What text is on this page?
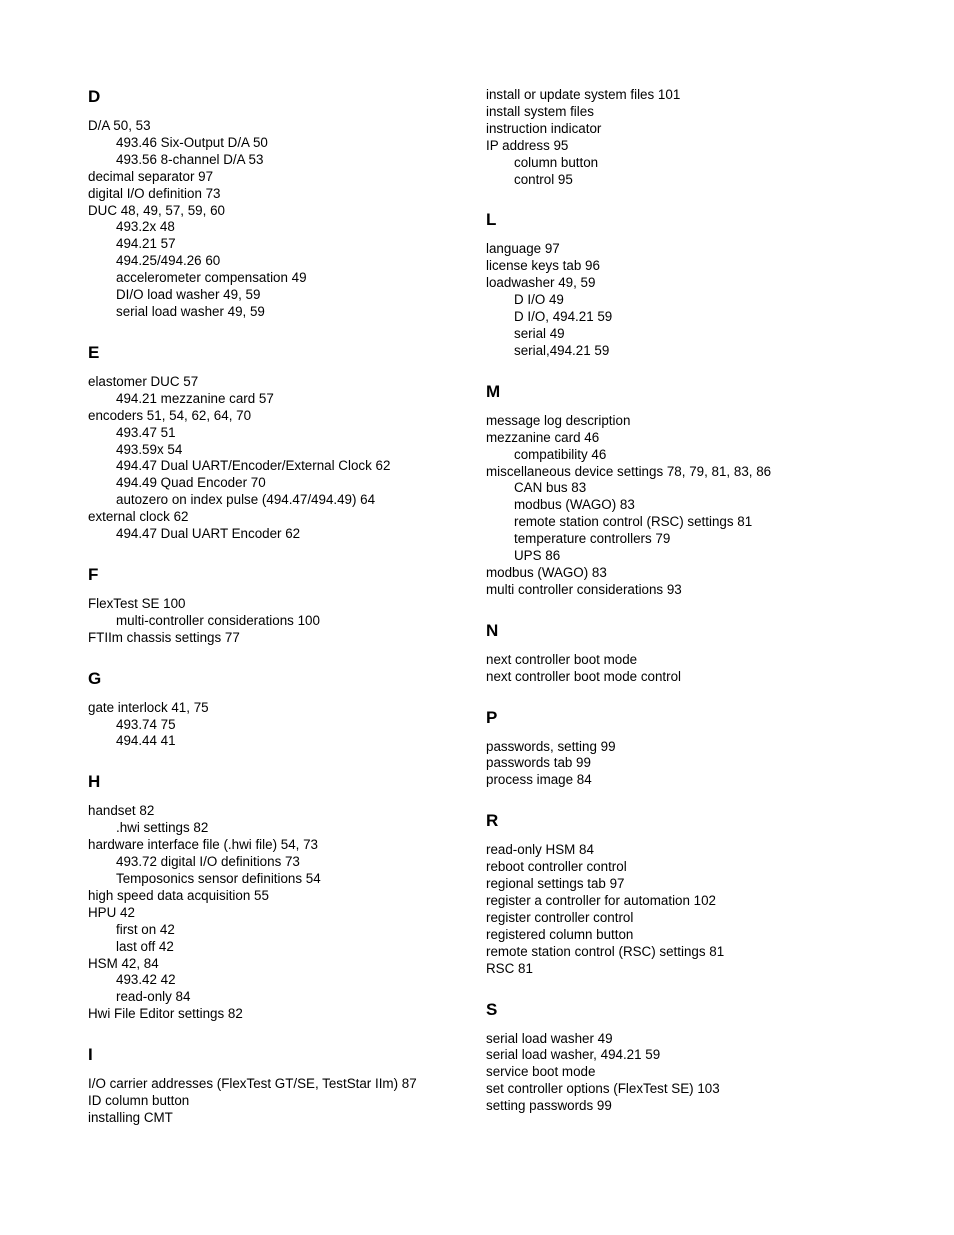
D
D/A 50, 53
493.46 Six-Output D/A 50
493.56 8-channel D/A 53
decimal separator 97
digital I/O definition 73
DUC 48, 49, 57, 59, 60
493.2x 48
494.21 57
494.25/494.26 60
accelerometer compensation 49
DI/O load washer 49, 59
serial load washer 49, 59
E
elastomer DUC 57
494.21 mezzanine card 57
encoders 51, 54, 62, 64, 70
493.47 51
493.59x 54
494.47 Dual UART/Encoder/External Clock 62
494.49 Quad Encoder 70
autozero on index pulse (494.47/494.49) 64
external clock 62
494.47 Dual UART Encoder 62
F
FlexTest SE 100
multi-controller considerations 100
FTIIm chassis settings 77
G
gate interlock 41, 75
493.74 75
494.44 41
H
handset 82
.hwi settings 82
hardware interface file (.hwi file) 54, 73
493.72 digital I/O definitions 73
Temposonics sensor definitions 54
high speed data acquisition 55
HPU 42
first on 42
last off 42
HSM 42, 84
493.42 42
read-only 84
Hwi File Editor settings 82
I
I/O carrier addresses (FlexTest GT/SE, TestStar IIm) 87
ID column button
installing CMT
install or update system files 101
install system files
instruction indicator
IP address 95
column button
control 95
L
language 97
license keys tab 96
loadwasher 49, 59
D I/O 49
D I/O, 494.21 59
serial 49
serial,494.21 59
M
message log description
mezzanine card 46
compatibility 46
miscellaneous device settings 78, 79, 81, 83, 86
CAN bus 83
modbus (WAGO) 83
remote station control (RSC) settings 81
temperature controllers 79
UPS 86
modbus (WAGO) 83
multi controller considerations 93
N
next controller boot mode
next controller boot mode control
P
passwords, setting 99
passwords tab 99
process image 84
R
read-only HSM 84
reboot controller control
regional settings tab 97
register a controller for automation 102
register controller control
registered column button
remote station control (RSC) settings 81
RSC 81
S
serial load washer 49
serial load washer, 494.21 59
service boot mode
set controller options (FlexTest SE) 103
setting passwords 99
